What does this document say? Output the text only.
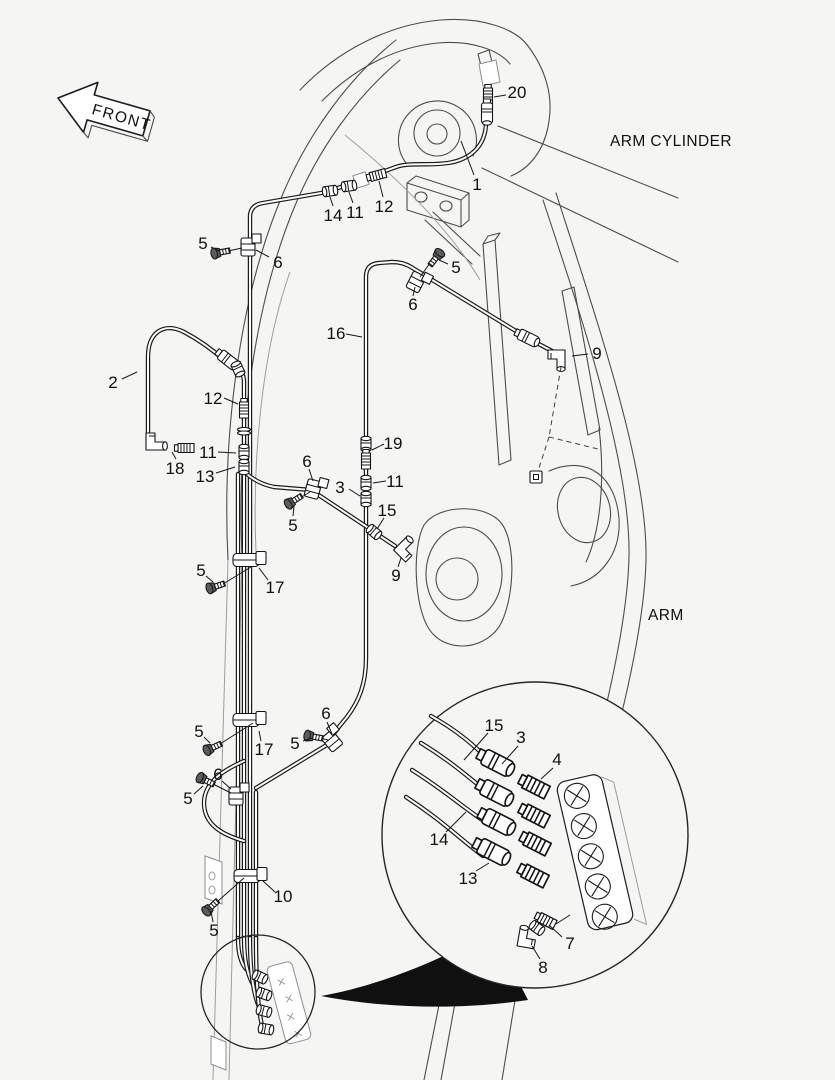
20
1
14 11 12
5
6	5
6
2
12
18
11
13
16
19
11
3
6
5
15
9
9
5
17
5
17
6
5
6
5
10
5
15
3
4
14
13
7
8
ARM CYLINDER
ARM
FRONT
